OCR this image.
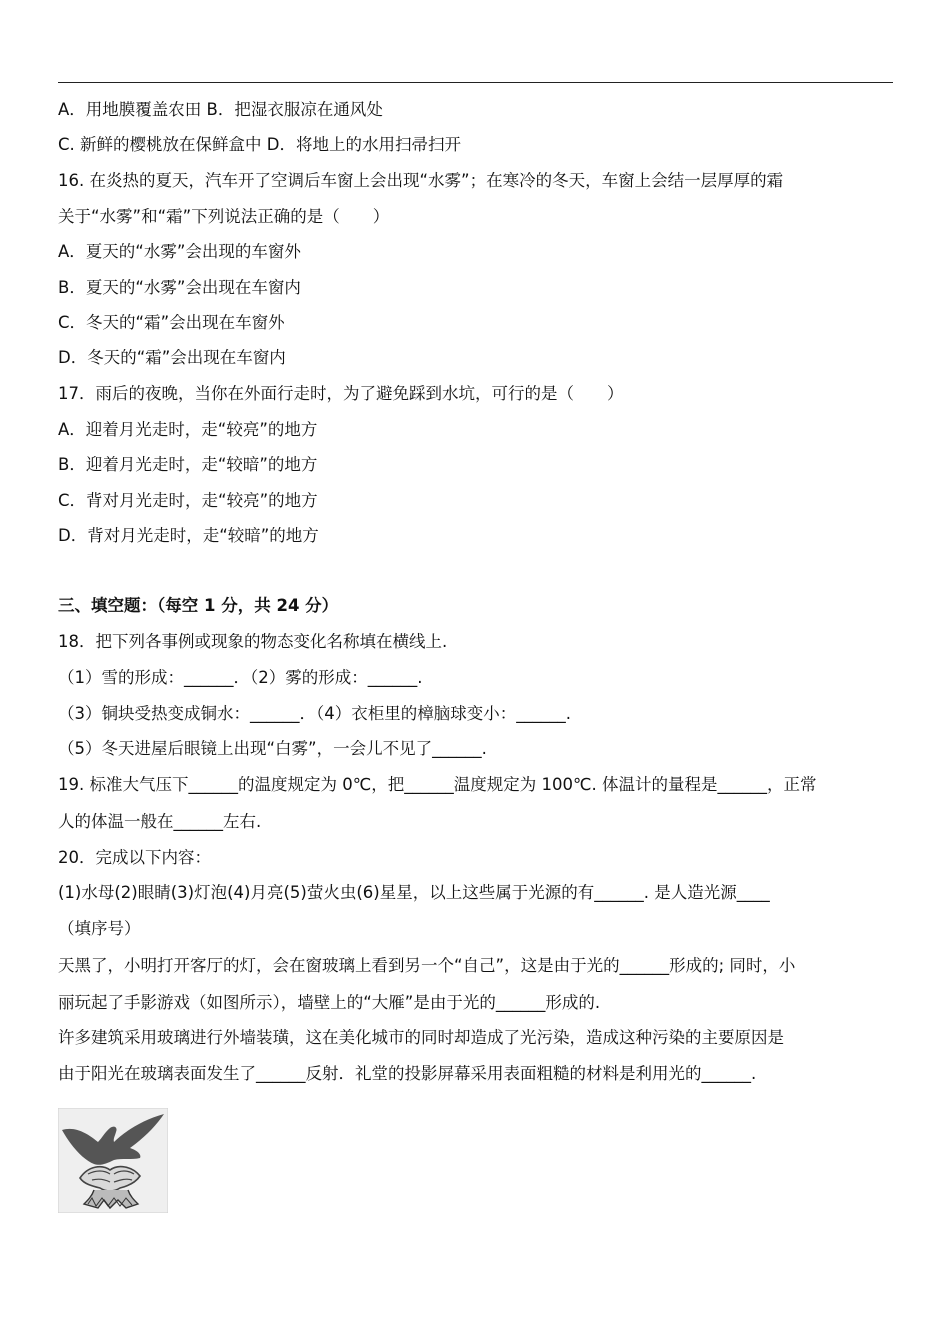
A．用地膜覆盖农田 B．把湿衣服凉在通风处
C. 新鲜的樱桃放在保鲜盒中 D．将地上的水用扫帚扫开
16. 在炎热的夏天，汽车开了空调后车窗上会出现“水雾”；在寒冷的冬天，车窗上会结一层厚厚的霜
关于“水雾”和“霜”下列说法正确的是（　　）
A．夏天的“水雾”会出现的车窗外
B．夏天的“水雾”会出现在车窗内
C．冬天的“霜”会出现在车窗外
D．冬天的“霜”会出现在车窗内
17．雨后的夜晚，当你在外面行走时，为了避免踩到水坑，可行的是（　　）
A．迎着月光走时，走“较亮”的地方
B．迎着月光走时，走“较暗”的地方
C．背对月光走时，走“较亮”的地方
D．背对月光走时，走“较暗”的地方
三、填空题：（每空 1 分，共 24 分）
18．把下列各事例或现象的物态变化名称填在横线上.
（1）雪的形成：______．（2）雾的形成：______.
（3）铜块受热变成铜水：______．（4）衣柜里的樟脑球变小：______.
（5）冬天进屋后眼镜上出现“白雾”，一会儿不见了______.
19. 标准大气压下______的温度规定为 0℃，把______温度规定为 100℃. 体温计的量程是______，正常
人的体温一般在______左右.
20．完成以下内容：
(1)水母(2)眼睛(3)灯泡(4)月亮(5)萤火虫(6)星星，以上这些属于光源的有______. 是人造光源____
（填序号）
天黑了，小明打开客厅的灯，会在窗玻璃上看到另一个“自己”，这是由于光的______形成的; 同时，小
丽玩起了手影游戏（如图所示），墙壁上的“大雁”是由于光的______形成的.
许多建筑采用玻璃进行外墙装璜，这在美化城市的同时却造成了光污染，造成这种污染的主要原因是
由于阳光在玻璃表面发生了______反射．礼堂的投影屏幕采用表面粗糙的材料是利用光的______.
